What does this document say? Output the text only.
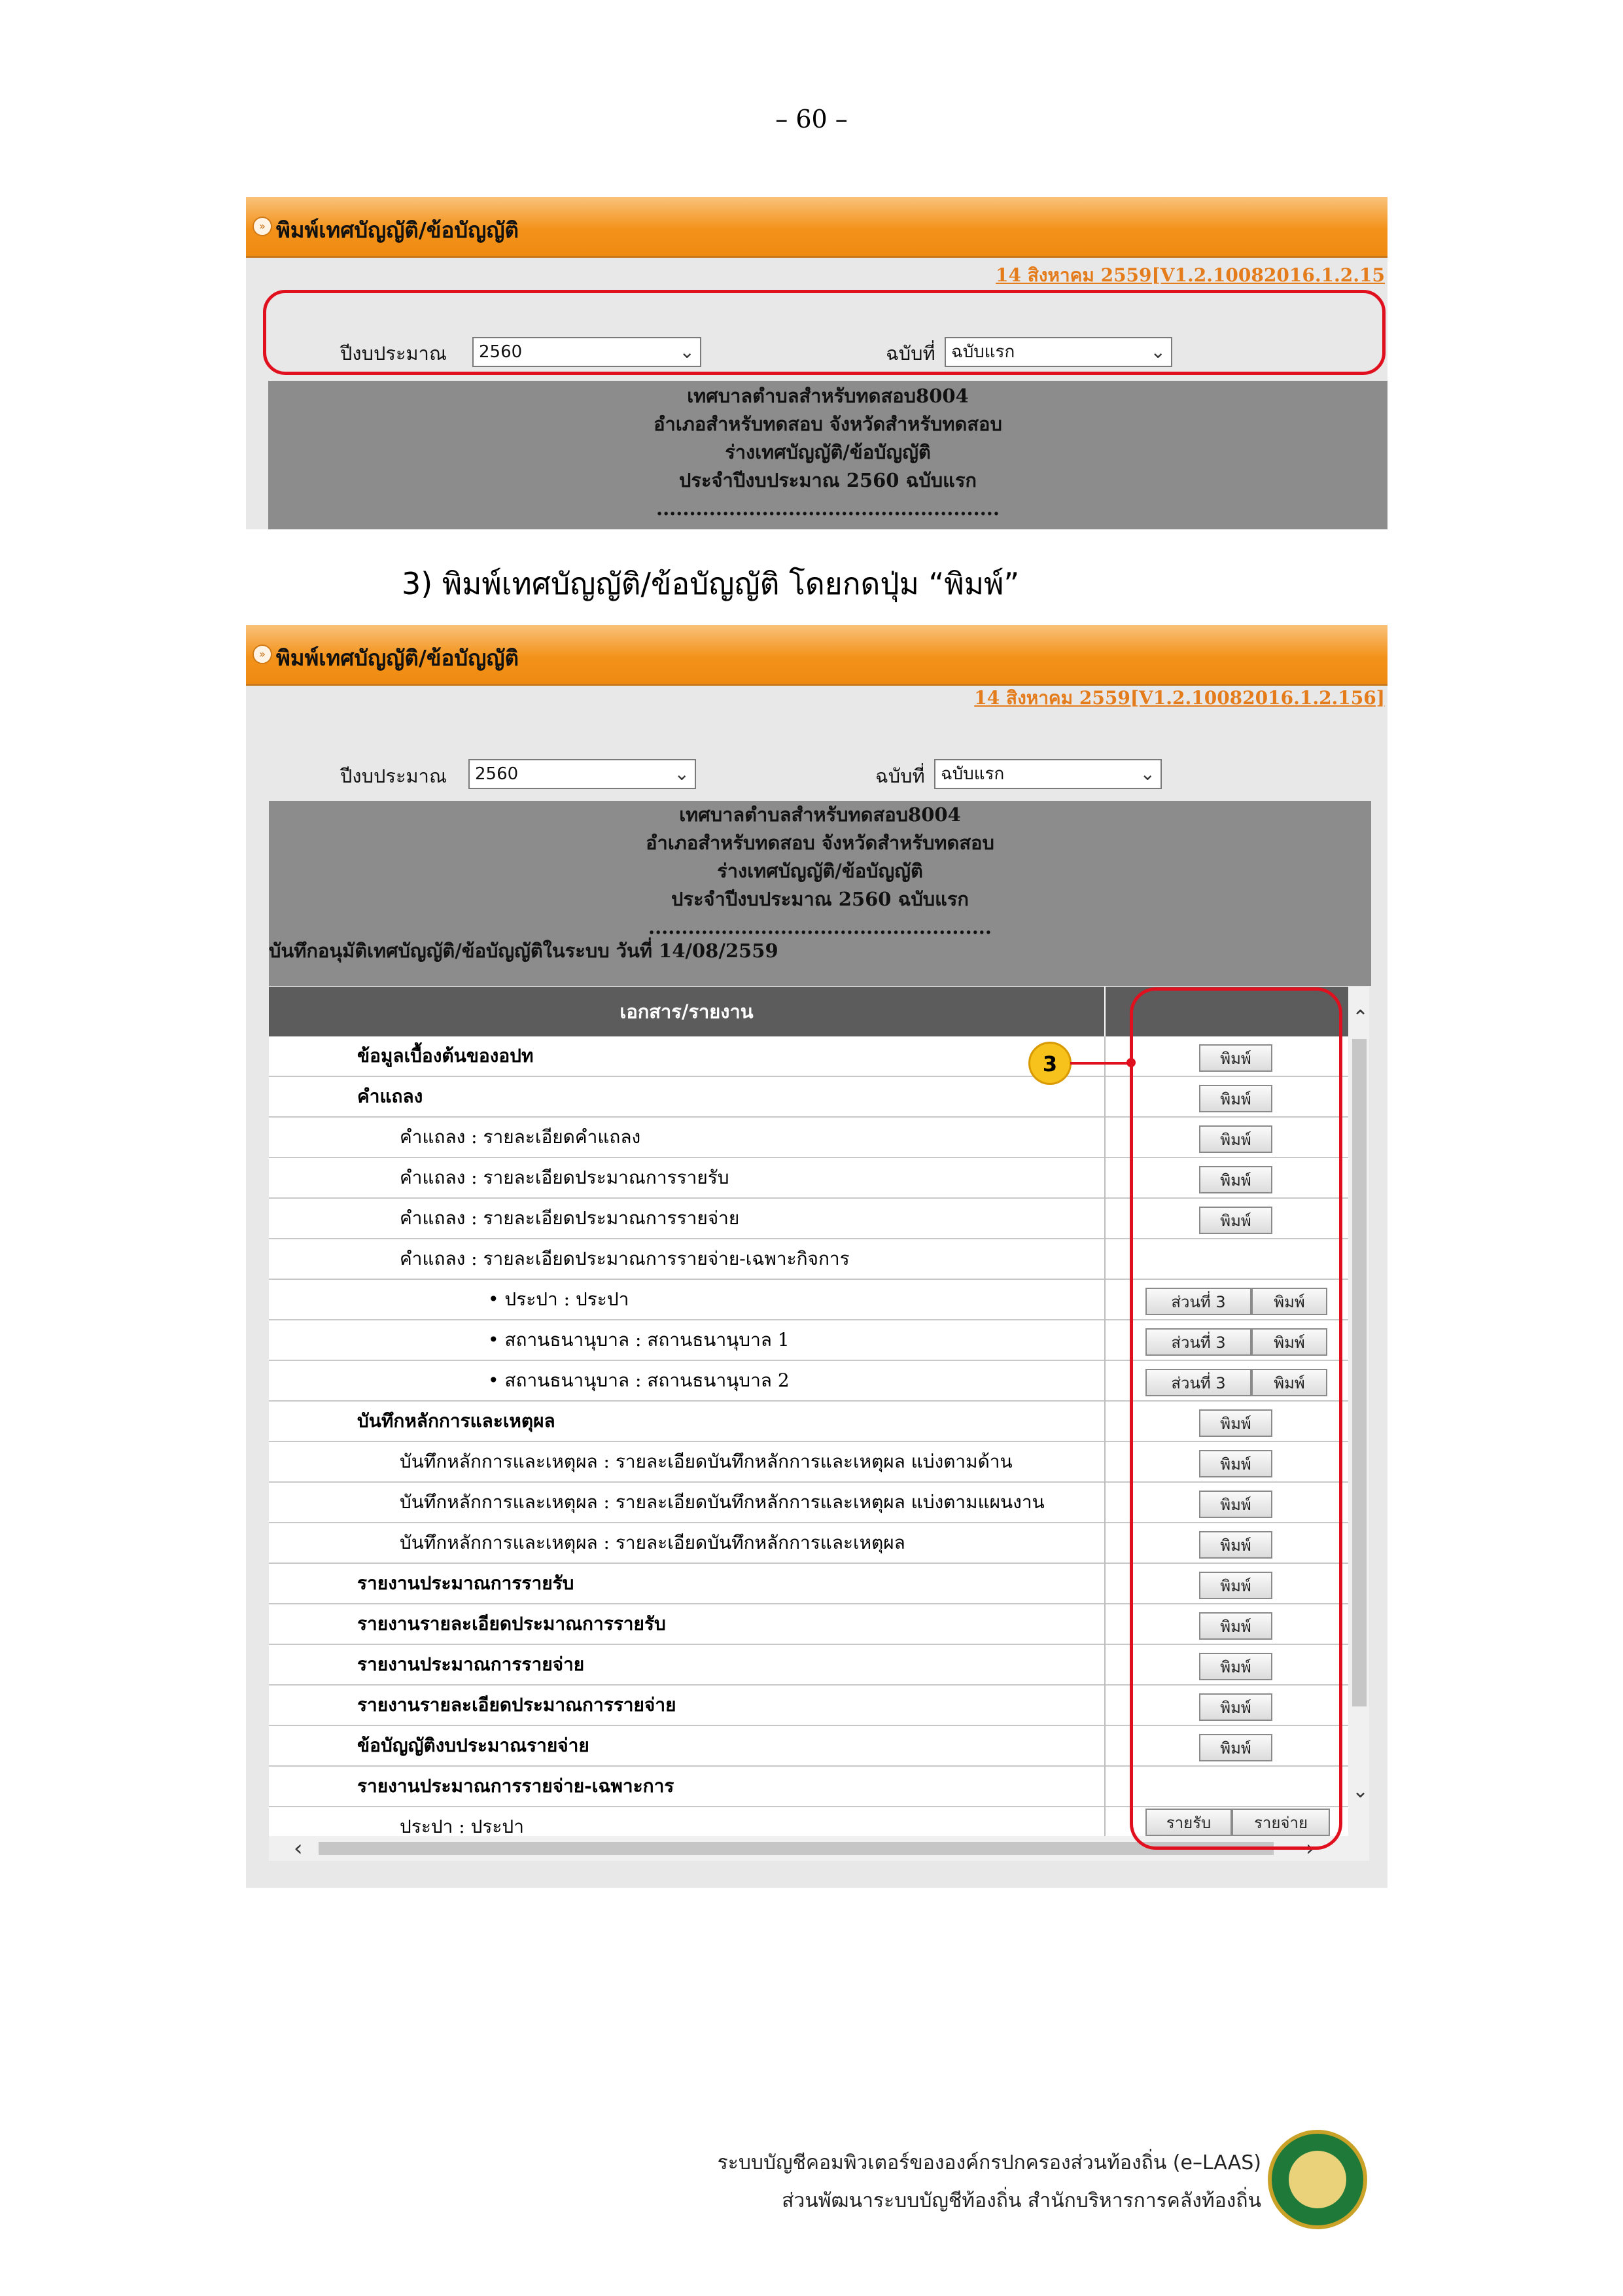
– 60 –
» พิมพ์เทศบัญญัติ/ข้อบัญญัติ
14 สิงหาคม 2559[V1.2.10082016.1.2.15
ปีงบประมาณ	2560	⌄	ฉบับที่ ฉบับแรก	⌄
เทศบาลตำบลสำหรับทดสอบ8004
อำเภอสำหรับทดสอบ จังหวัดสำหรับทดสอบ
ร่างเทศบัญญัติ/ข้อบัญญัติ
ประจำปีงบประมาณ 2560 ฉบับแรก
....................................................
3) พิมพ์เทศบัญญัติ/ข้อบัญญัติ โดยกดปุ่ม “พิมพ์”
» พิมพ์เทศบัญญัติ/ข้อบัญญัติ
14 สิงหาคม 2559[V1.2.10082016.1.2.156]
ปีงบประมาณ	2560	⌄	ฉบับที่ ฉบับแรก	⌄
เทศบาลตำบลสำหรับทดสอบ8004
อำเภอสำหรับทดสอบ จังหวัดสำหรับทดสอบ
ร่างเทศบัญญัติ/ข้อบัญญัติ
ประจำปีงบประมาณ 2560 ฉบับแรก
....................................................
บันทึกอนุมัติเทศบัญญัติ/ข้อบัญญัติในระบบ วันที่ 14/08/2559
เอกสาร/รายงาน
ข้อมูลเบื้องต้นของอปท	พิมพ์
คำแถลง	พิมพ์
คำแถลง : รายละเอียดคำแถลง	พิมพ์
คำแถลง : รายละเอียดประมาณการรายรับ	พิมพ์
คำแถลง : รายละเอียดประมาณการรายจ่าย	พิมพ์
คำแถลง : รายละเอียดประมาณการรายจ่าย-เฉพาะกิจการ
• ประปา : ประปา	ส่วนที่ 3	พิมพ์
• สถานธนานุบาล : สถานธนานุบาล 1	ส่วนที่ 3	พิมพ์
• สถานธนานุบาล : สถานธนานุบาล 2	ส่วนที่ 3	พิมพ์
บันทึกหลักการและเหตุผล	พิมพ์
บันทึกหลักการและเหตุผล : รายละเอียดบันทึกหลักการและเหตุผล แบ่งตามด้าน	พิมพ์
บันทึกหลักการและเหตุผล : รายละเอียดบันทึกหลักการและเหตุผล แบ่งตามแผนงาน	พิมพ์
บันทึกหลักการและเหตุผล : รายละเอียดบันทึกหลักการและเหตุผล	พิมพ์
รายงานประมาณการรายรับ	พิมพ์
รายงานรายละเอียดประมาณการรายรับ	พิมพ์
รายงานประมาณการรายจ่าย	พิมพ์
รายงานรายละเอียดประมาณการรายจ่าย	พิมพ์
ข้อบัญญัติงบประมาณรายจ่าย	พิมพ์
รายงานประมาณการรายจ่าย-เฉพาะการ
ประปา : ประปา	รายรับ	รายจ่าย
⌃
⌄
‹	›
3
ระบบบัญชีคอมพิวเตอร์ขององค์กรปกครองส่วนท้องถิ่น (e–LAAS)
ส่วนพัฒนาระบบบัญชีท้องถิ่น สำนักบริหารการคลังท้องถิ่น
